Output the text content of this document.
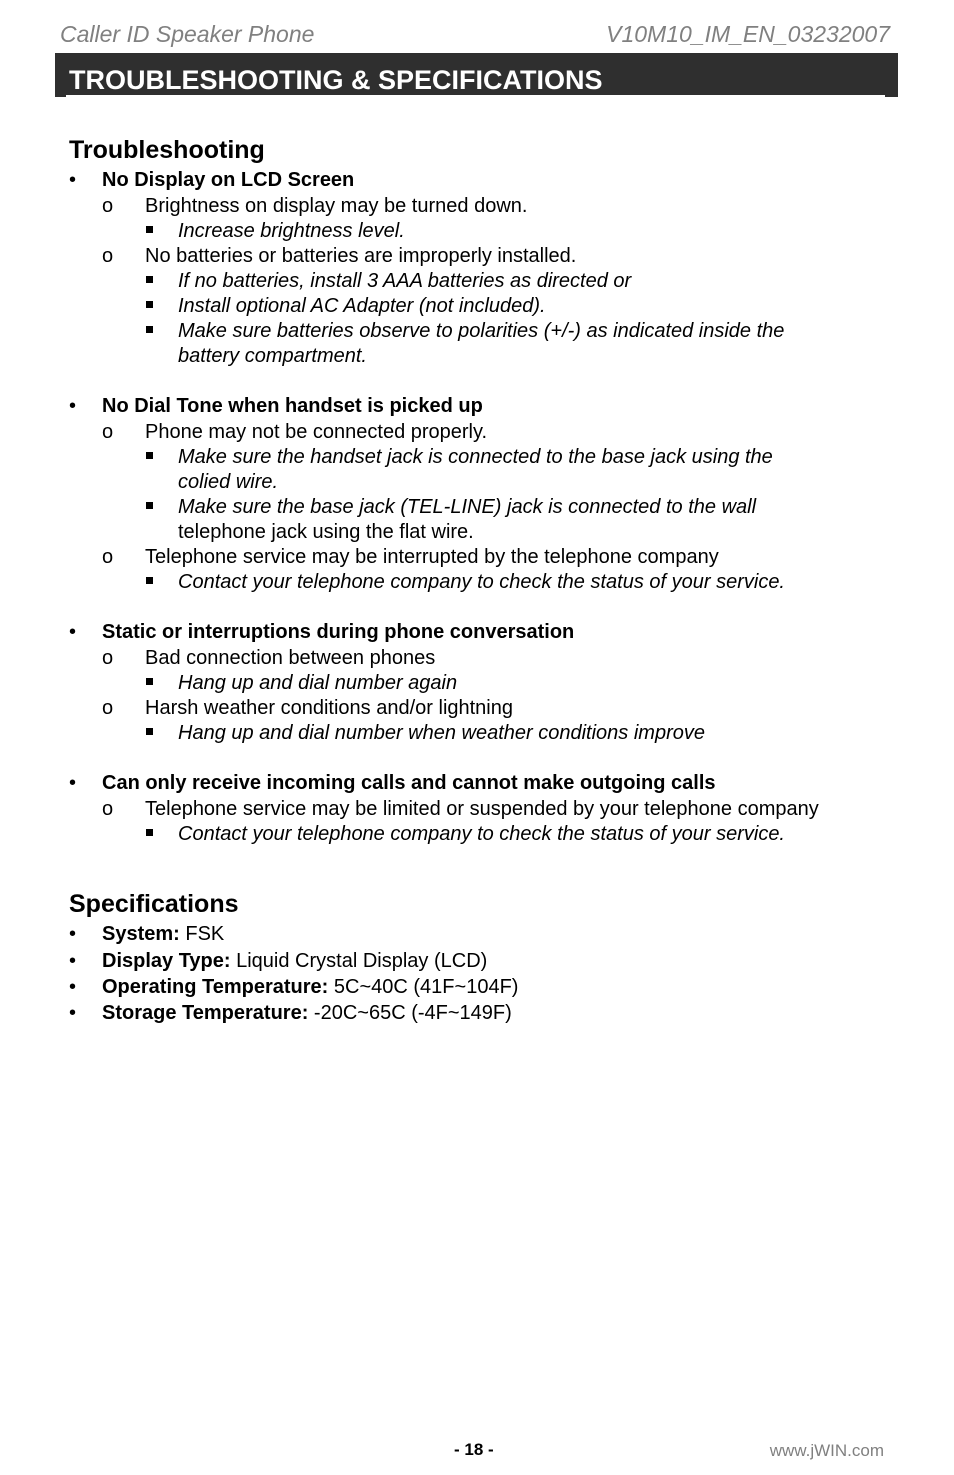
Caller ID Speaker Phone	V10M10_IM_EN_03232007
TROUBLESHOOTING & SPECIFICATIONS
Troubleshooting
• No Display on LCD Screen
o Brightness on display may be turned down.
Increase brightness level.
o No batteries or batteries are improperly installed.
If no batteries, install 3 AAA batteries as directed or
Install optional AC Adapter (not included).
Make sure batteries observe to polarities (+/-) as indicated inside the
battery compartment.
• No Dial Tone when handset is picked up
o Phone may not be connected properly.
Make sure the handset jack is connected to the base jack using the
colied wire.
Make sure the base jack (TEL-LINE) jack is connected to the wall
telephone jack using the flat wire.
o Telephone service may be interrupted by the telephone company
Contact your telephone company to check the status of your service.
• Static or interruptions during phone conversation
o Bad connection between phones
Hang up and dial number again
o Harsh weather conditions and/or lightning
Hang up and dial number when weather conditions improve
• Can only receive incoming calls and cannot make outgoing calls
o Telephone service may be limited or suspended by your telephone company
Contact your telephone company to check the status of your service.
Specifications
• System: FSK
• Display Type: Liquid Crystal Display (LCD)
• Operating Temperature: 5C~40C (41F~104F)
• Storage Temperature: -20C~65C (-4F~149F)
- 18 -	www.jWIN.com
